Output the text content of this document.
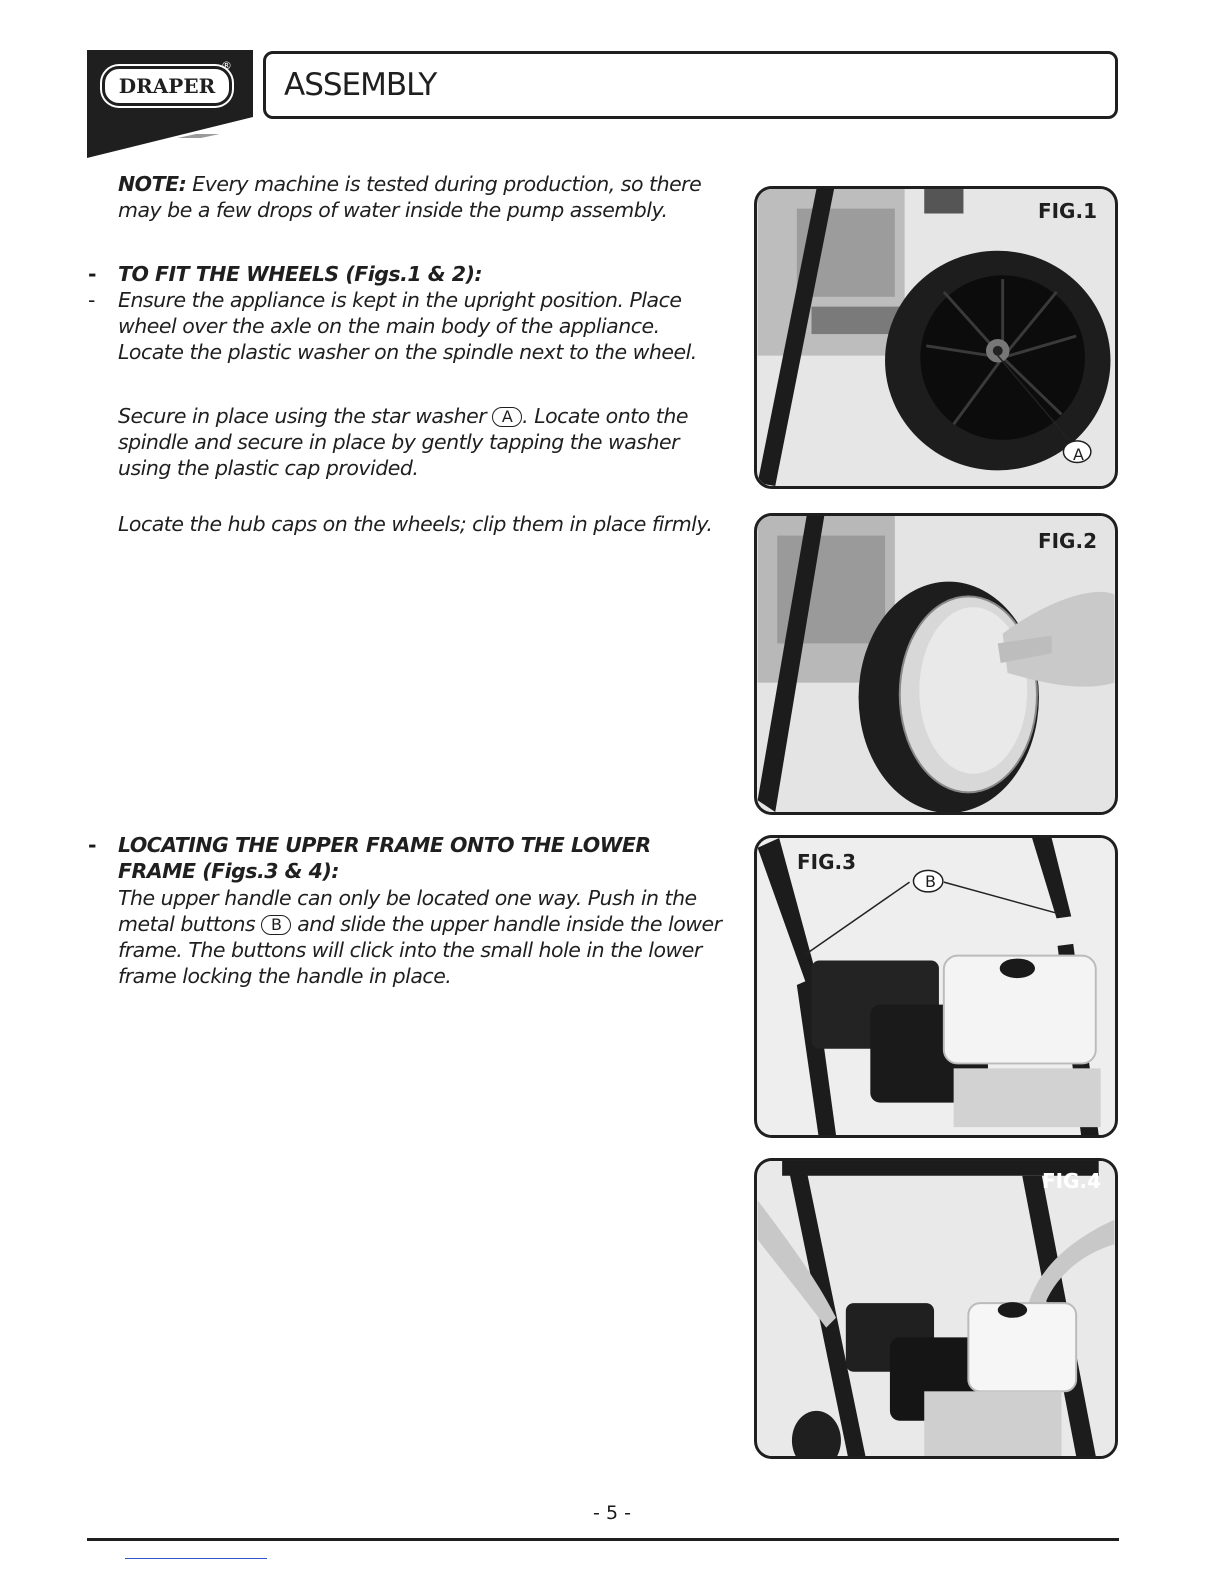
DRAPER
®
ASSEMBLY
NOTE: Every machine is tested during production, so there may be a few drops of water inside the pump assembly.
- TO FIT THE WHEELS (Figs.1 & 2):
- Ensure the appliance is kept in the upright position. Place wheel over the axle on the main body of the appliance. Locate the plastic washer on the spindle next to the wheel.
Secure in place using the star washer A . Locate onto the spindle and secure in place by gently tapping the washer using the plastic cap provided.
Locate the hub caps on the wheels; clip them in place firmly.
- LOCATING THE UPPER FRAME ONTO THE LOWER FRAME (Figs.3 & 4):
The upper handle can only be located one way. Push in the metal buttons B and slide the upper handle inside the lower frame. The buttons will click into the small hole in the lower frame locking the handle in place.
FIG.1
A
FIG.2
FIG.3
B
FIG.4
- 5 -
